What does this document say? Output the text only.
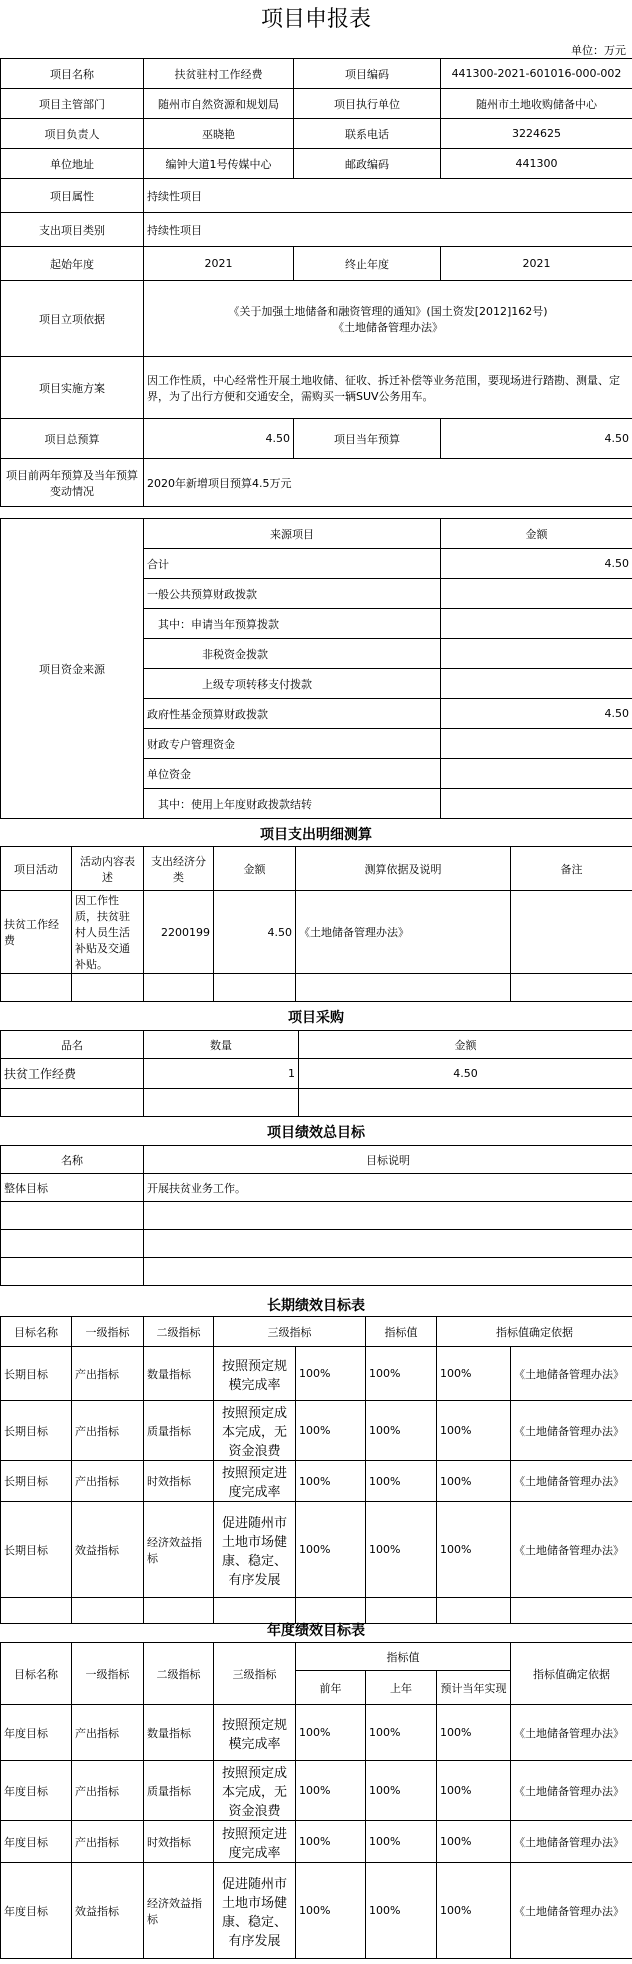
项目申报表
单位：万元
项目名称	扶贫驻村工作经费	项目编码	441300-2021-601016-000-002
项目主管部门	随州市自然资源和规划局	项目执行单位	随州市土地收购储备中心
项目负责人	巫晓艳	联系电话	3224625
单位地址	编钟大道1号传媒中心	邮政编码	441300
项目属性	持续性项目		
支出项目类别	持续性项目		
起始年度	2021	终止年度	2021
项目立项依据	《关于加强土地储备和融资管理的通知》(国土资发[2012]162号)
《土地储备管理办法》		

项目实施方案	因工作性质，中心经常性开展土地收储、征收、拆迁补偿等业务范围，要现场进行踏勘、测量、定界，为了出行方便和交通安全，需购买一辆SUV公务用车。		
项目总预算	4.50	项目当年预算	4.50
项目前两年预算及当年预算变动情况	2020年新增项目预算4.5万元		
项目资金来源	来源项目	金额
	合计	4.50
	一般公共预算财政拨款	
	其中：申请当年预算拨款	
	非税资金拨款	
	上级专项转移支付拨款	
	政府性基金预算财政拨款	4.50
	财政专户管理资金	
	单位资金	
	其中：使用上年度财政拨款结转	
项目支出明细测算
项目活动	活动内容表述	支出经济分类	金额	测算依据及说明	备注
扶贫工作经费	因工作性质，扶贫驻村人员生活补贴及交通补贴。	2200199	4.50	《土地储备管理办法》	

项目采购
品名	数量	金额
扶贫工作经费	1	4.50

项目绩效总目标
名称	目标说明
整体目标	开展扶贫业务工作。

长期绩效目标表
目标名称	一级指标	二级指标	三级指标		指标值	指标值确定依据	
长期目标	产出指标	数量指标	按照预定规模完成率	100%	100%	100%	《土地储备管理办法》
长期目标	产出指标	质量指标	按照预定成本完成，无资金浪费	100%	100%	100%	《土地储备管理办法》
长期目标	产出指标	时效指标	按照预定进度完成率	100%	100%	100%	《土地储备管理办法》
长期目标	效益指标	经济效益指标	促进随州市土地市场健康、稳定、有序发展	100%	100%	100%	《土地储备管理办法》

年度绩效目标表
目标名称	一级指标	二级指标	三级指标	指标值			指标值确定依据
				前年	上年	预计当年实现	
年度目标	产出指标	数量指标	按照预定规模完成率	100%	100%	100%	《土地储备管理办法》
年度目标	产出指标	质量指标	按照预定成本完成，无资金浪费	100%	100%	100%	《土地储备管理办法》
年度目标	产出指标	时效指标	按照预定进度完成率	100%	100%	100%	《土地储备管理办法》
年度目标	效益指标	经济效益指标	促进随州市土地市场健康、稳定、有序发展	100%	100%	100%	《土地储备管理办法》
